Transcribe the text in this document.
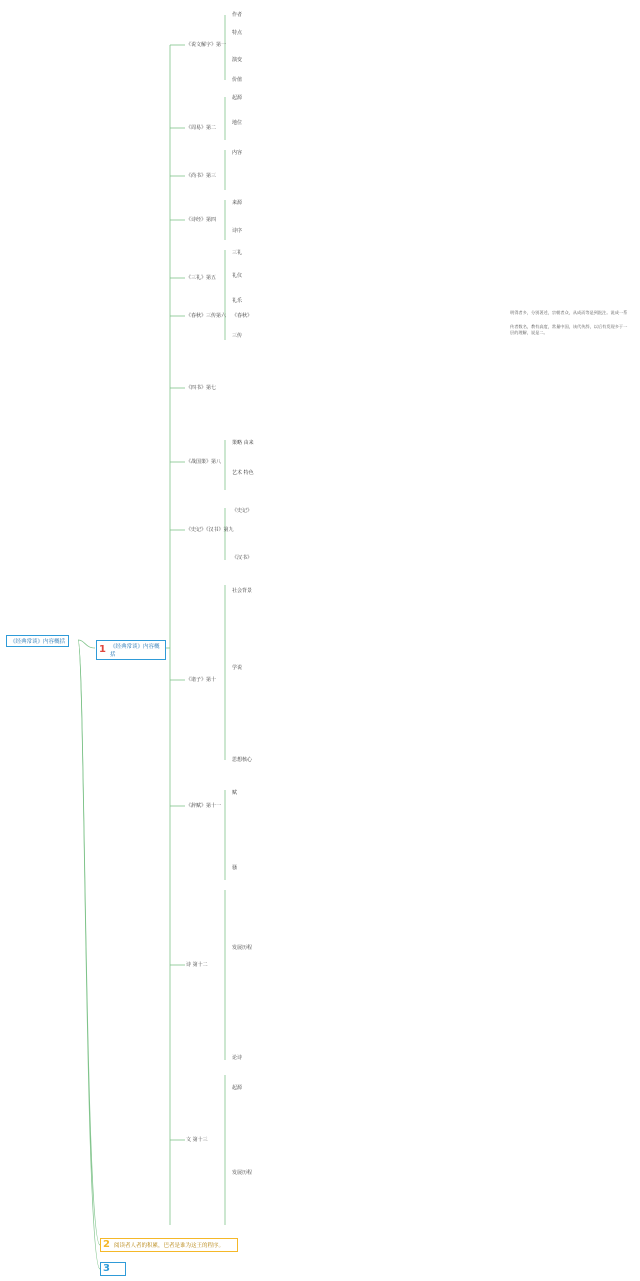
《经典常谈》内容概括
1 《经典常谈》内容概括
2 阅读者人者的积累，巴者是谁为这王的程序。
3
《说文解字》第一
《周易》第二
《尚书》第三
《诗经》第四
《三礼》第五
《春秋》三传第六
《四书》第七
《战国策》第八
《史记》《汉书》第九
《诸子》第十
《辞赋》第十一
诗 第十二
文 第十三
作者
特点
演变
价值
起源
地位
内容
来源
诗序
三礼
礼仪
礼乐
《春秋》
三传
策略 由来
艺术 特色
《史记》
《汉书》
社会背景
学说
思想核心
赋
骚
发展历程
论诗
起源
发展历程
明得者多，分别著述，宗朝者众，从成而等是到批注。说成一系
传者数名，教有高度，常量中国，该代传辞，以后有发现多于一层的理解，说是二。
